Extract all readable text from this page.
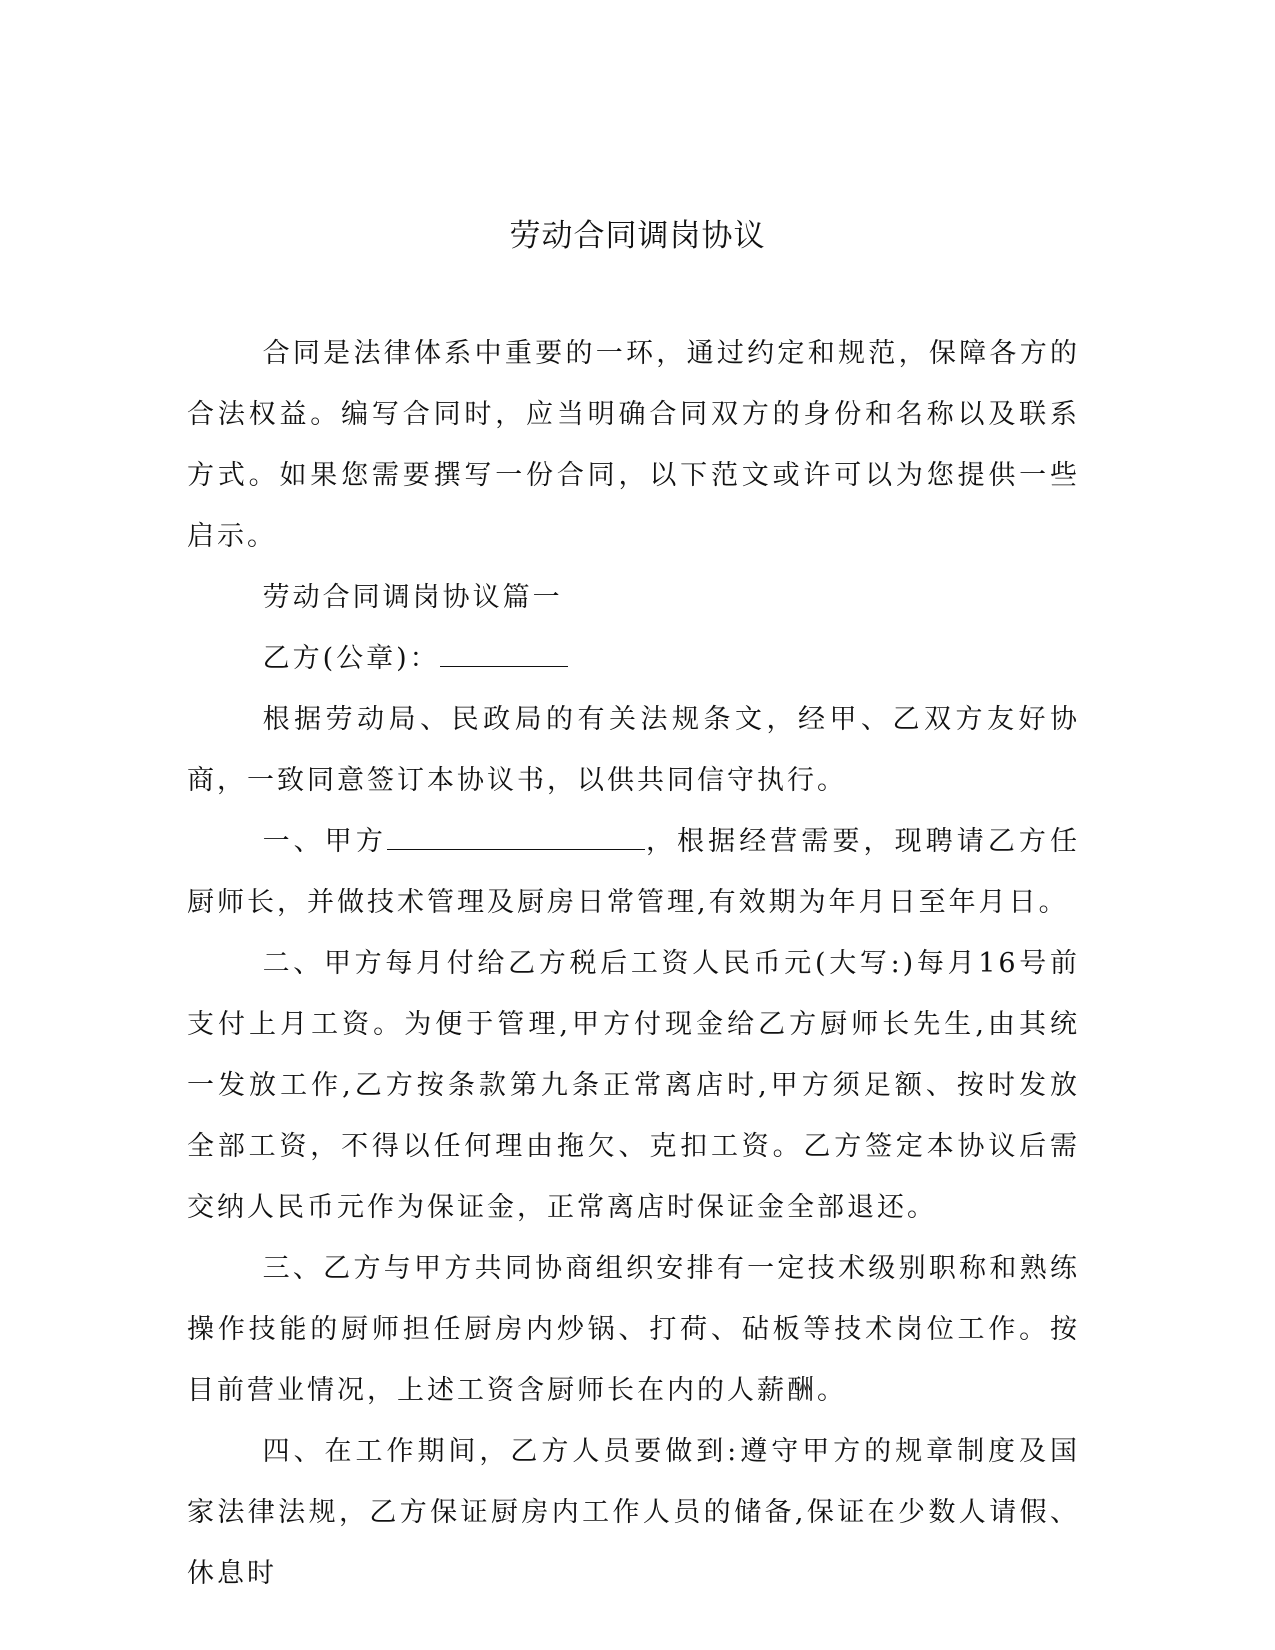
劳动合同调岗协议

合同是法律体系中重要的一环，通过约定和规范，保障各方的合法权益。编写合同时，应当明确合同双方的身份和名称以及联系方式。如果您需要撰写一份合同，以下范文或许可以为您提供一些启示。

劳动合同调岗协议篇一

乙方(公章)：

根据劳动局、民政局的有关法规条文，经甲、乙双方友好协商，一致同意签订本协议书，以供共同信守执行。

一、甲方	，根据经营需要，现聘请乙方任厨师长，并做技术管理及厨房日常管理,有效期为年月日至年月日。

二、甲方每月付给乙方税后工资人民币元(大写:)每月16号前支付上月工资。为便于管理,甲方付现金给乙方厨师长先生,由其统一发放工作,乙方按条款第九条正常离店时,甲方须足额、按时发放全部工资，不得以任何理由拖欠、克扣工资。乙方签定本协议后需交纳人民币元作为保证金，正常离店时保证金全部退还。

三、乙方与甲方共同协商组织安排有一定技术级别职称和熟练操作技能的厨师担任厨房内炒锅、打荷、砧板等技术岗位工作。按目前营业情况，上述工资含厨师长在内的人薪酬。

四、在工作期间，乙方人员要做到:遵守甲方的规章制度及国家法律法规，乙方保证厨房内工作人员的储备,保证在少数人请假、休息时
